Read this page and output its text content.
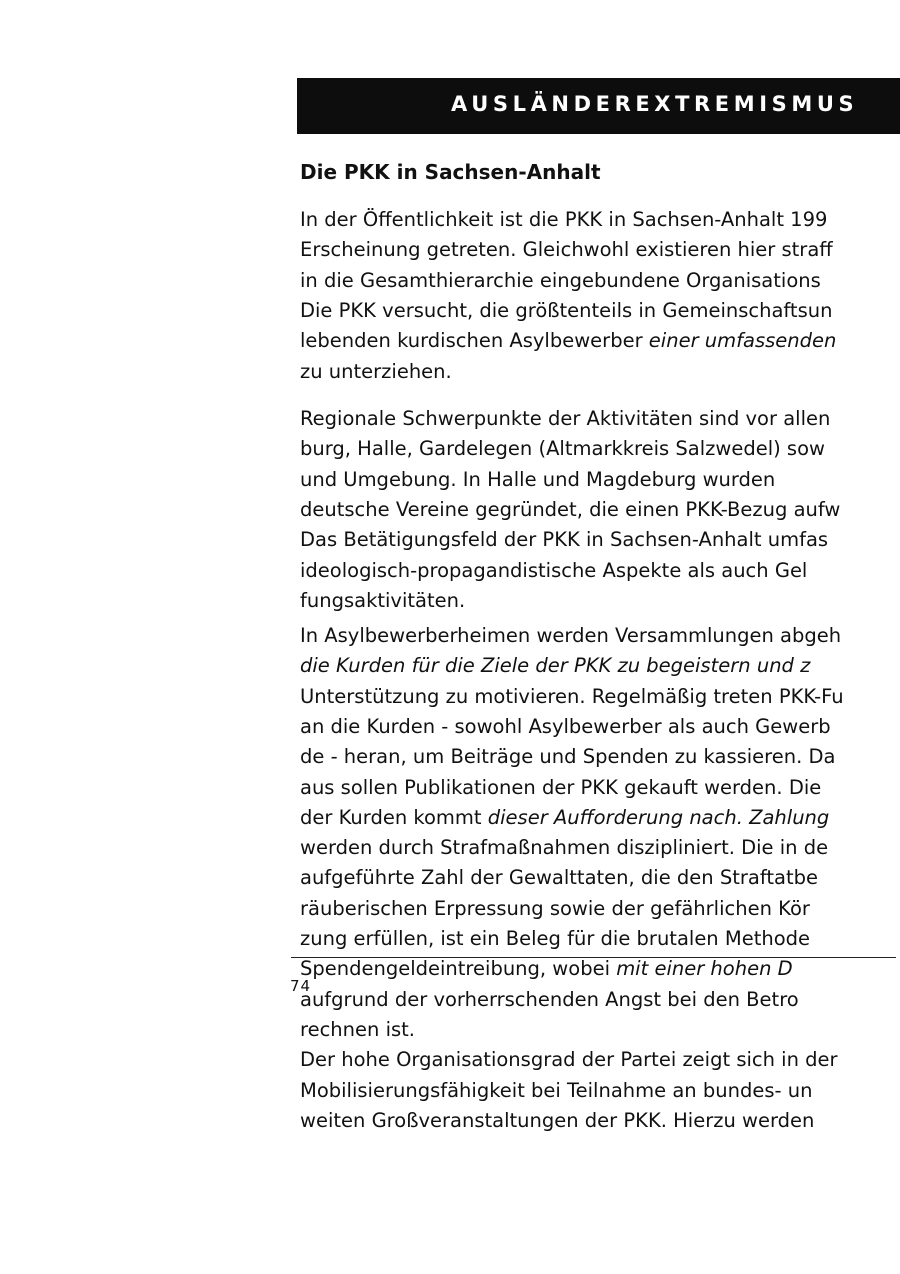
AUSLÄNDEREXTREMISMUS
Die PKK in Sachsen-Anhalt
In der Öffentlichkeit ist die PKK in Sachsen-Anhalt 199
Erscheinung getreten. Gleichwohl existieren hier straff
in die Gesamthierarchie eingebundene Organisations
Die PKK versucht, die größtenteils in Gemeinschaftsun
lebenden kurdischen Asylbewerber einer umfassenden
zu unterziehen.
Regionale Schwerpunkte der Aktivitäten sind vor allen
burg, Halle, Gardelegen (Altmarkkreis Salzwedel) sow
und Umgebung. In Halle und Magdeburg wurden
deutsche Vereine gegründet, die einen PKK-Bezug aufw
Das Betätigungsfeld der PKK in Sachsen-Anhalt umfas
ideologisch-propagandistische Aspekte als auch Gel
fungsaktivitäten.
In Asylbewerberheimen werden Versammlungen abgeh
die Kurden für die Ziele der PKK zu begeistern und z
Unterstützung zu motivieren. Regelmäßig treten PKK-Fu
an die Kurden - sowohl Asylbewerber als auch Gewerb
de - heran, um Beiträge und Spenden zu kassieren. Da
aus sollen Publikationen der PKK gekauft werden. Die
der Kurden kommt dieser Aufforderung nach. Zahlung
werden durch Strafmaßnahmen diszipliniert. Die in de
aufgeführte Zahl der Gewalttaten, die den Straftatbe
räuberischen Erpressung sowie der gefährlichen Kör
zung erfüllen, ist ein Beleg für die brutalen Methode
Spendengeldeintreibung, wobei mit einer hohen D
aufgrund der vorherrschenden Angst bei den Betro
rechnen ist.
Der hohe Organisationsgrad der Partei zeigt sich in der
Mobilisierungsfähigkeit bei Teilnahme an bundes- un
weiten Großveranstaltungen der PKK. Hierzu werden
74
